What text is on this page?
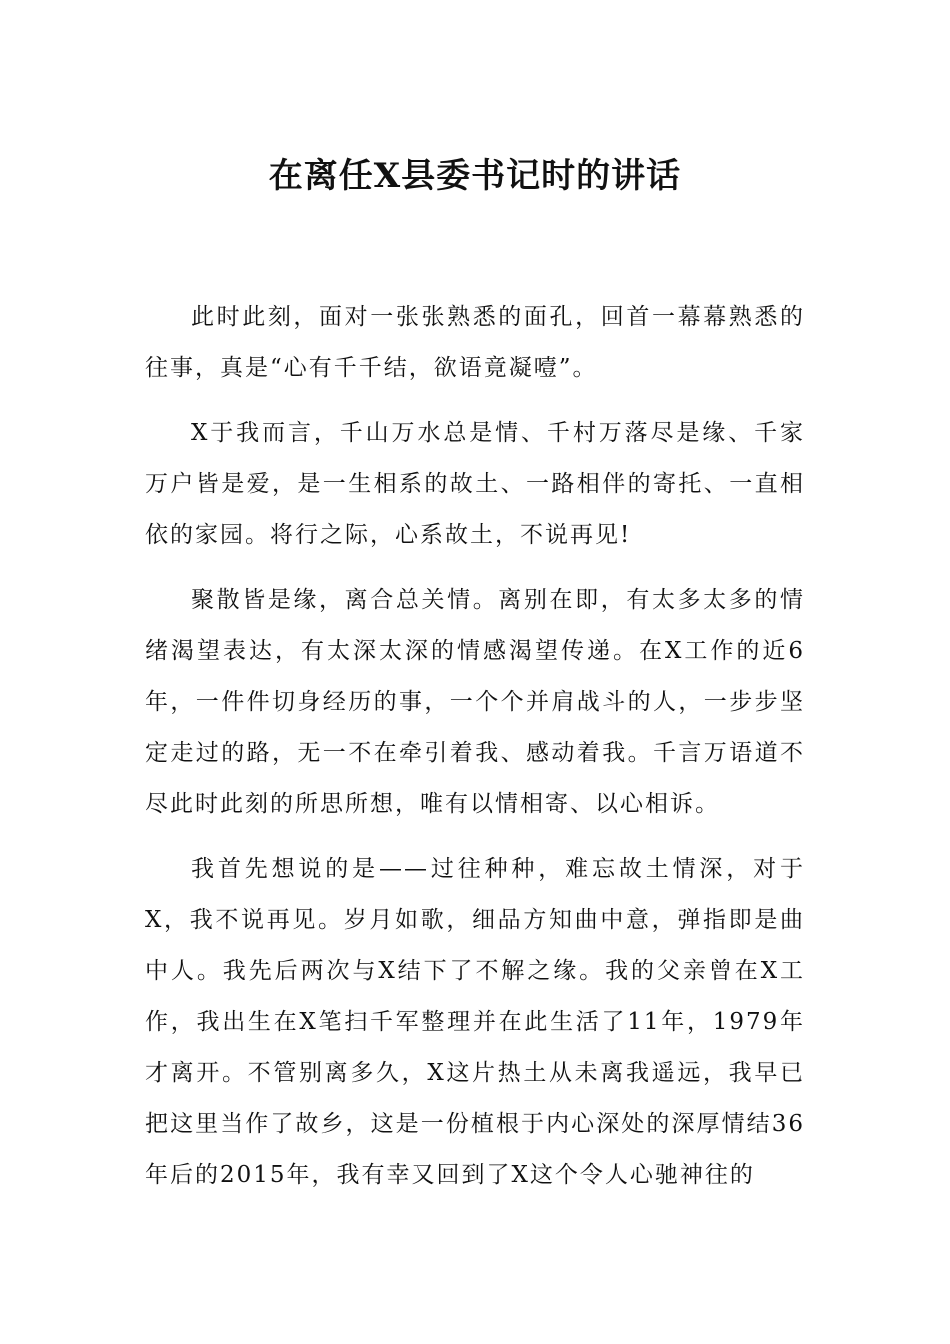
在离任X县委书记时的讲话

此时此刻，面对一张张熟悉的面孔，回首一幕幕熟悉的往事，真是“心有千千结，欲语竟凝噎”。

X于我而言，千山万水总是情、千村万落尽是缘、千家万户皆是爱，是一生相系的故土、一路相伴的寄托、一直相依的家园。将行之际，心系故土，不说再见!

聚散皆是缘，离合总关情。离别在即，有太多太多的情绪渴望表达，有太深太深的情感渴望传递。在X工作的近6年，一件件切身经历的事，一个个并肩战斗的人，一步步坚定走过的路，无一不在牵引着我、感动着我。千言万语道不尽此时此刻的所思所想，唯有以情相寄、以心相诉。

我首先想说的是——过往种种，难忘故土情深，对于X，我不说再见。岁月如歌，细品方知曲中意，弹指即是曲中人。我先后两次与X结下了不解之缘。我的父亲曾在X工作，我出生在X笔扫千军整理并在此生活了11年，1979年才离开。不管别离多久，X这片热土从未离我遥远，我早已把这里当作了故乡，这是一份植根于内心深处的深厚情结36年后的2015年，我有幸又回到了X这个令人心驰神往的
